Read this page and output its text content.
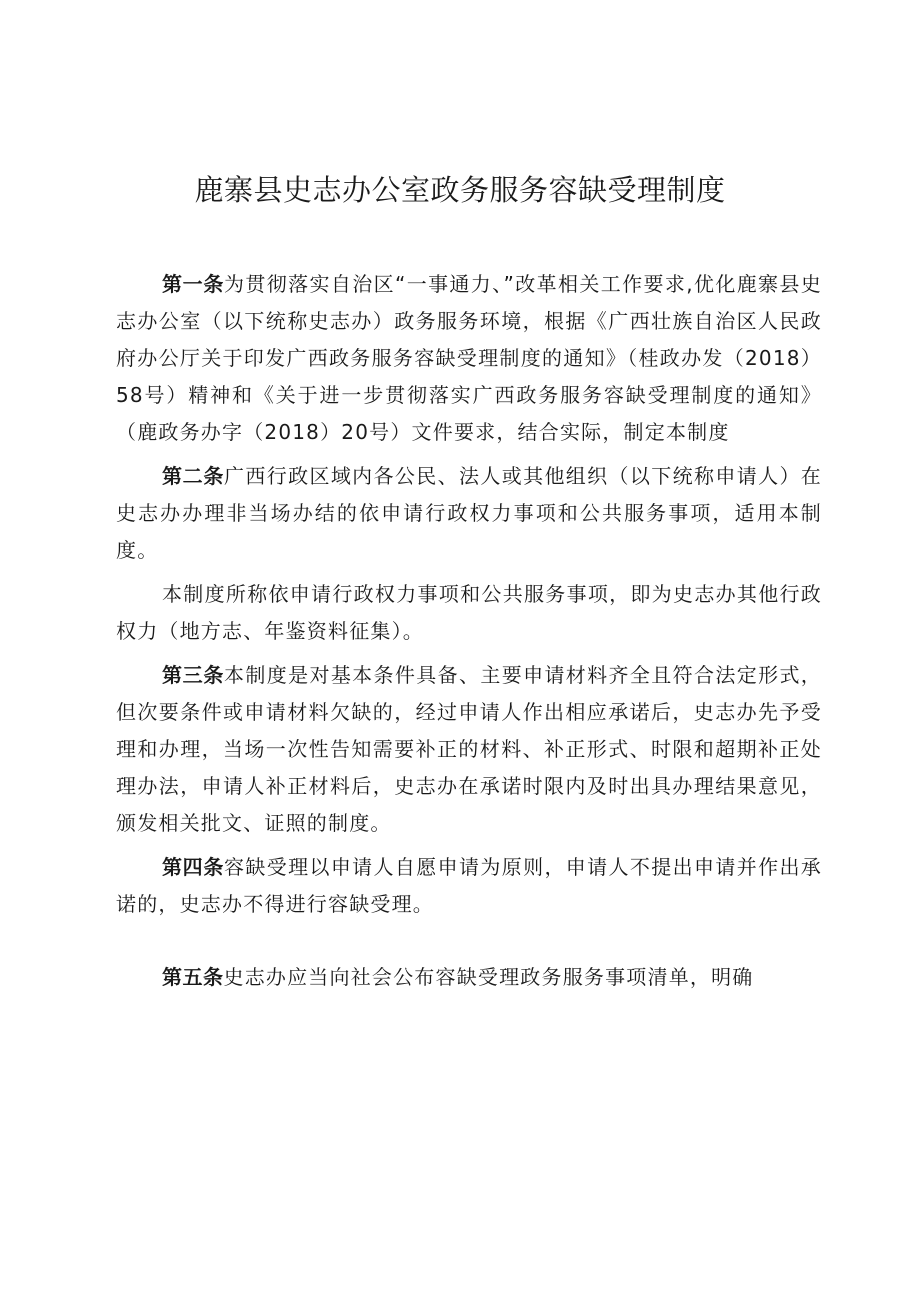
鹿寨县史志办公室政务服务容缺受理制度

第一条为贯彻落实自治区“一事通力、”改革相关工作要求,优化鹿寨县史志办公室（以下统称史志办）政务服务环境，根据《广西壮族自治区人民政府办公厅关于印发广西政务服务容缺受理制度的通知》（桂政办发（2018）58号）精神和《关于进一步贯彻落实广西政务服务容缺受理制度的通知》（鹿政务办字（2018）20号）文件要求，结合实际，制定本制度

第二条广西行政区域内各公民、法人或其他组织（以下统称申请人）在史志办办理非当场办结的依申请行政权力事项和公共服务事项，适用本制度。

本制度所称依申请行政权力事项和公共服务事项，即为史志办其他行政权力（地方志、年鉴资料征集）。

第三条本制度是对基本条件具备、主要申请材料齐全且符合法定形式，但次要条件或申请材料欠缺的，经过申请人作出相应承诺后，史志办先予受理和办理，当场一次性告知需要补正的材料、补正形式、时限和超期补正处理办法，申请人补正材料后，史志办在承诺时限内及时出具办理结果意见，颁发相关批文、证照的制度。

第四条容缺受理以申请人自愿申请为原则，申请人不提出申请并作出承诺的，史志办不得进行容缺受理。

第五条史志办应当向社会公布容缺受理政务服务事项清单，明确
